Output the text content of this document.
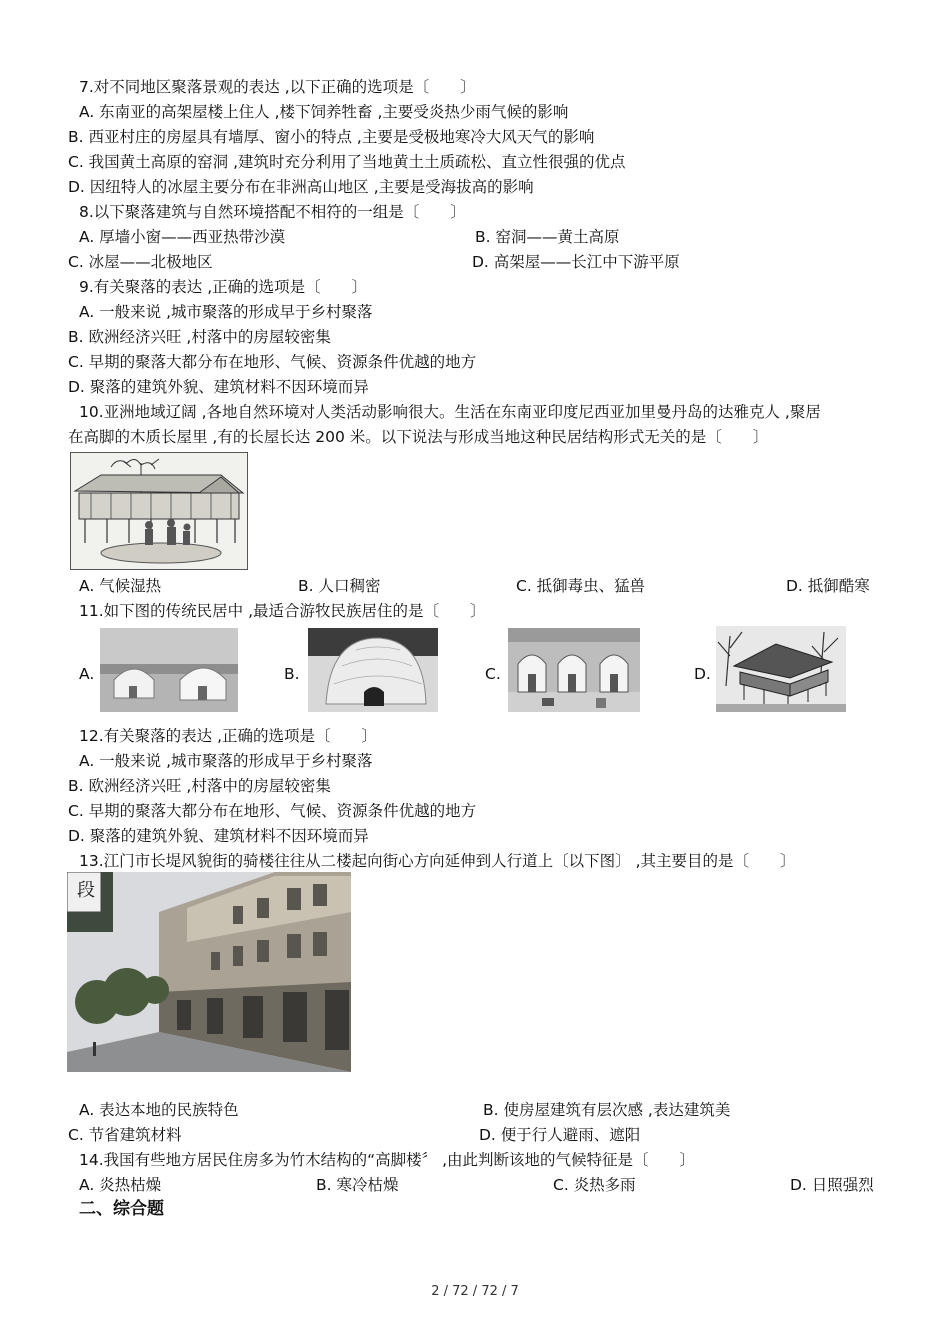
7.对不同地区聚落景观的表达 ,以下正确的选项是〔　　〕
A. 东南亚的高架屋楼上住人 ,楼下饲养牲畜 ,主要受炎热少雨气候的影响
B. 西亚村庄的房屋具有墙厚、窗小的特点 ,主要是受极地寒冷大风天气的影响
C. 我国黄土高原的窑洞 ,建筑时充分利用了当地黄土土质疏松、直立性很强的优点
D. 因纽特人的冰屋主要分布在非洲高山地区 ,主要是受海拔高的影响
8.以下聚落建筑与自然环境搭配不相符的一组是〔　　〕
A. 厚墙小窗——西亚热带沙漠	B. 窑洞——黄土高原
C. 冰屋——北极地区	D. 高架屋——长江中下游平原
9.有关聚落的表达 ,正确的选项是〔　　〕
A. 一般来说 ,城市聚落的形成早于乡村聚落
B. 欧洲经济兴旺 ,村落中的房屋较密集
C. 早期的聚落大都分布在地形、气候、资源条件优越的地方
D. 聚落的建筑外貌、建筑材料不因环境而异
10.亚洲地域辽阔 ,各地自然环境对人类活动影响很大。生活在东南亚印度尼西亚加里曼丹岛的达雅克人 ,聚居
在高脚的木质长屋里 ,有的长屋长达 200 米。以下说法与形成当地这种民居结构形式无关的是〔　　〕
A. 气候湿热	B. 人口稠密	C. 抵御毒虫、猛兽	D. 抵御酷寒
11.如下图的传统民居中 ,最适合游牧民族居住的是〔　　〕
A.	B.	C.	D.
12.有关聚落的表达 ,正确的选项是〔　　〕
A. 一般来说 ,城市聚落的形成早于乡村聚落
B. 欧洲经济兴旺 ,村落中的房屋较密集
C. 早期的聚落大都分布在地形、气候、资源条件优越的地方
D. 聚落的建筑外貌、建筑材料不因环境而异
13.江门市长堤风貌街的骑楼往往从二楼起向街心方向延伸到人行道上〔以下图〕 ,其主要目的是〔　　〕
段
A. 表达本地的民族特色	B. 使房屋建筑有层次感 ,表达建筑美
C. 节省建筑材料	D. 便于行人避雨、遮阳
14.我国有些地方居民住房多为竹木结构的“高脚楼〞 ,由此判断该地的气候特征是〔　　〕
A. 炎热枯燥	B. 寒冷枯燥	C. 炎热多雨	D. 日照强烈
二、综合题
2 / 72 / 72 / 7
